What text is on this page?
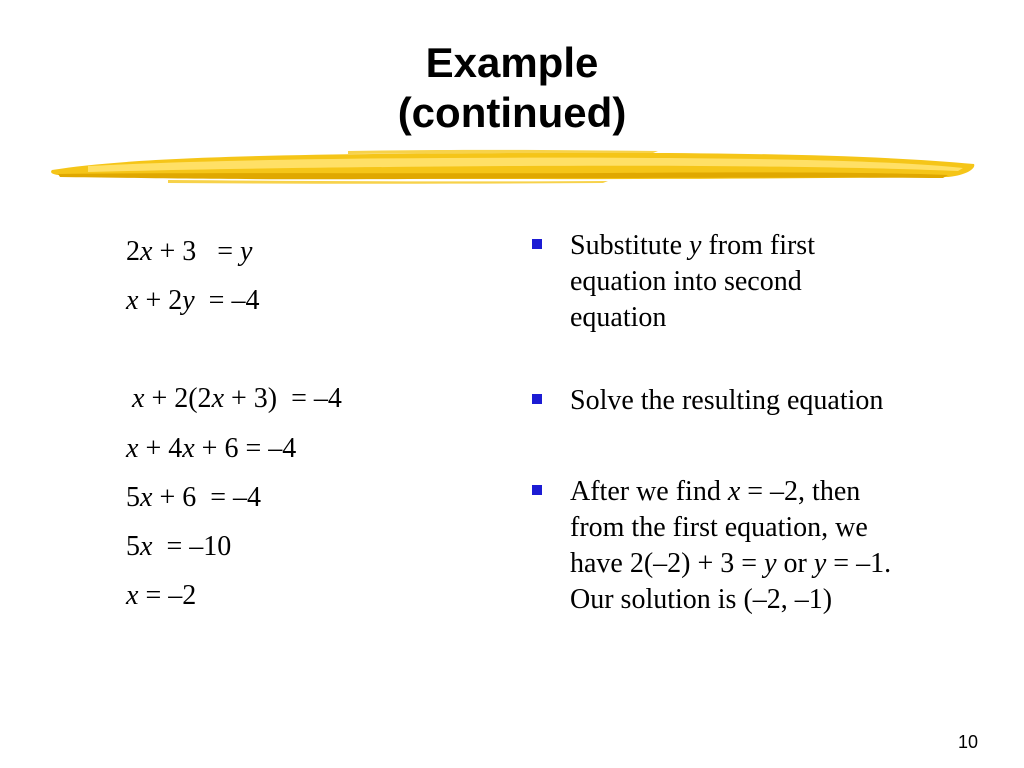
Example
(continued)
2x + 3   = y
x + 2y  = –4
x + 2(2x + 3)  = –4
x + 4x + 6 = –4
5x + 6  = –4
5x  = –10
x = –2
Substitute y from first
equation into second
equation
Solve the resulting equation
After we find x = –2, then
from the first equation, we
have 2(–2) + 3 = y or y = –1.
Our solution is (–2, –1)
10
